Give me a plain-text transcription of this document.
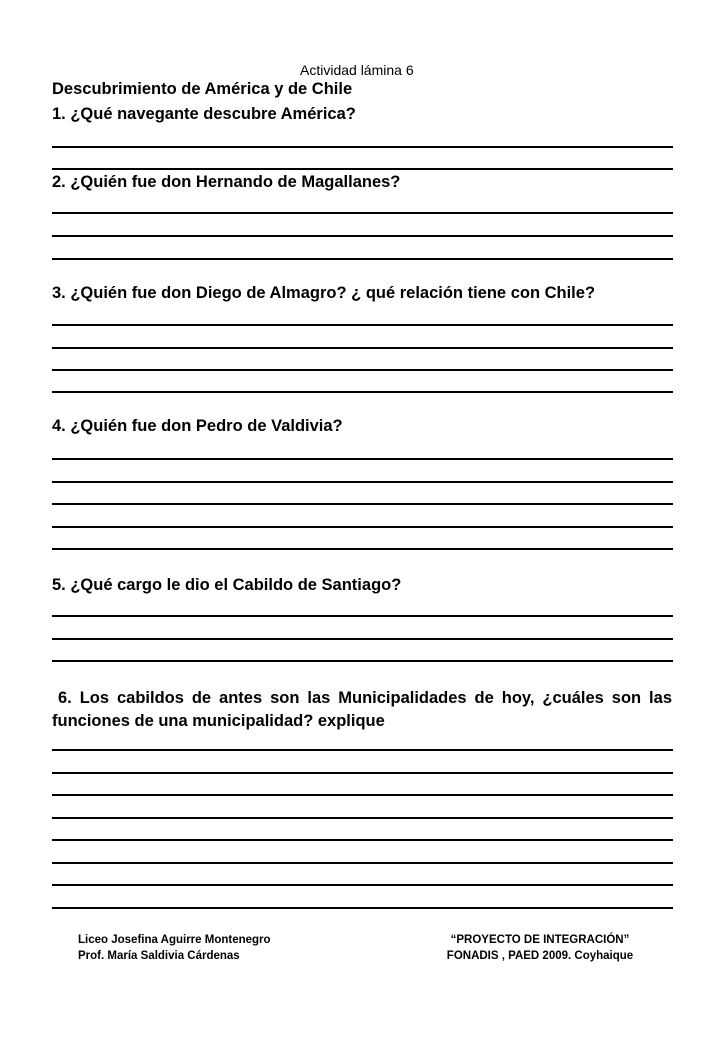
Actividad lámina 6
Descubrimiento de América y de Chile
1. ¿Qué navegante descubre América?
2. ¿Quién fue don Hernando de Magallanes?
3. ¿Quién fue don Diego de Almagro? ¿ qué relación tiene con Chile?
4. ¿Quién fue don Pedro de Valdivia?
5. ¿Qué cargo le dio el Cabildo de Santiago?
6. Los cabildos de antes son las Municipalidades de hoy, ¿cuáles son las funciones de una municipalidad? explique
Liceo Josefina Aguirre Montenegro
Prof. María Saldivia Cárdenas
“PROYECTO DE INTEGRACIÓN”
FONADIS , PAED 2009. Coyhaique
